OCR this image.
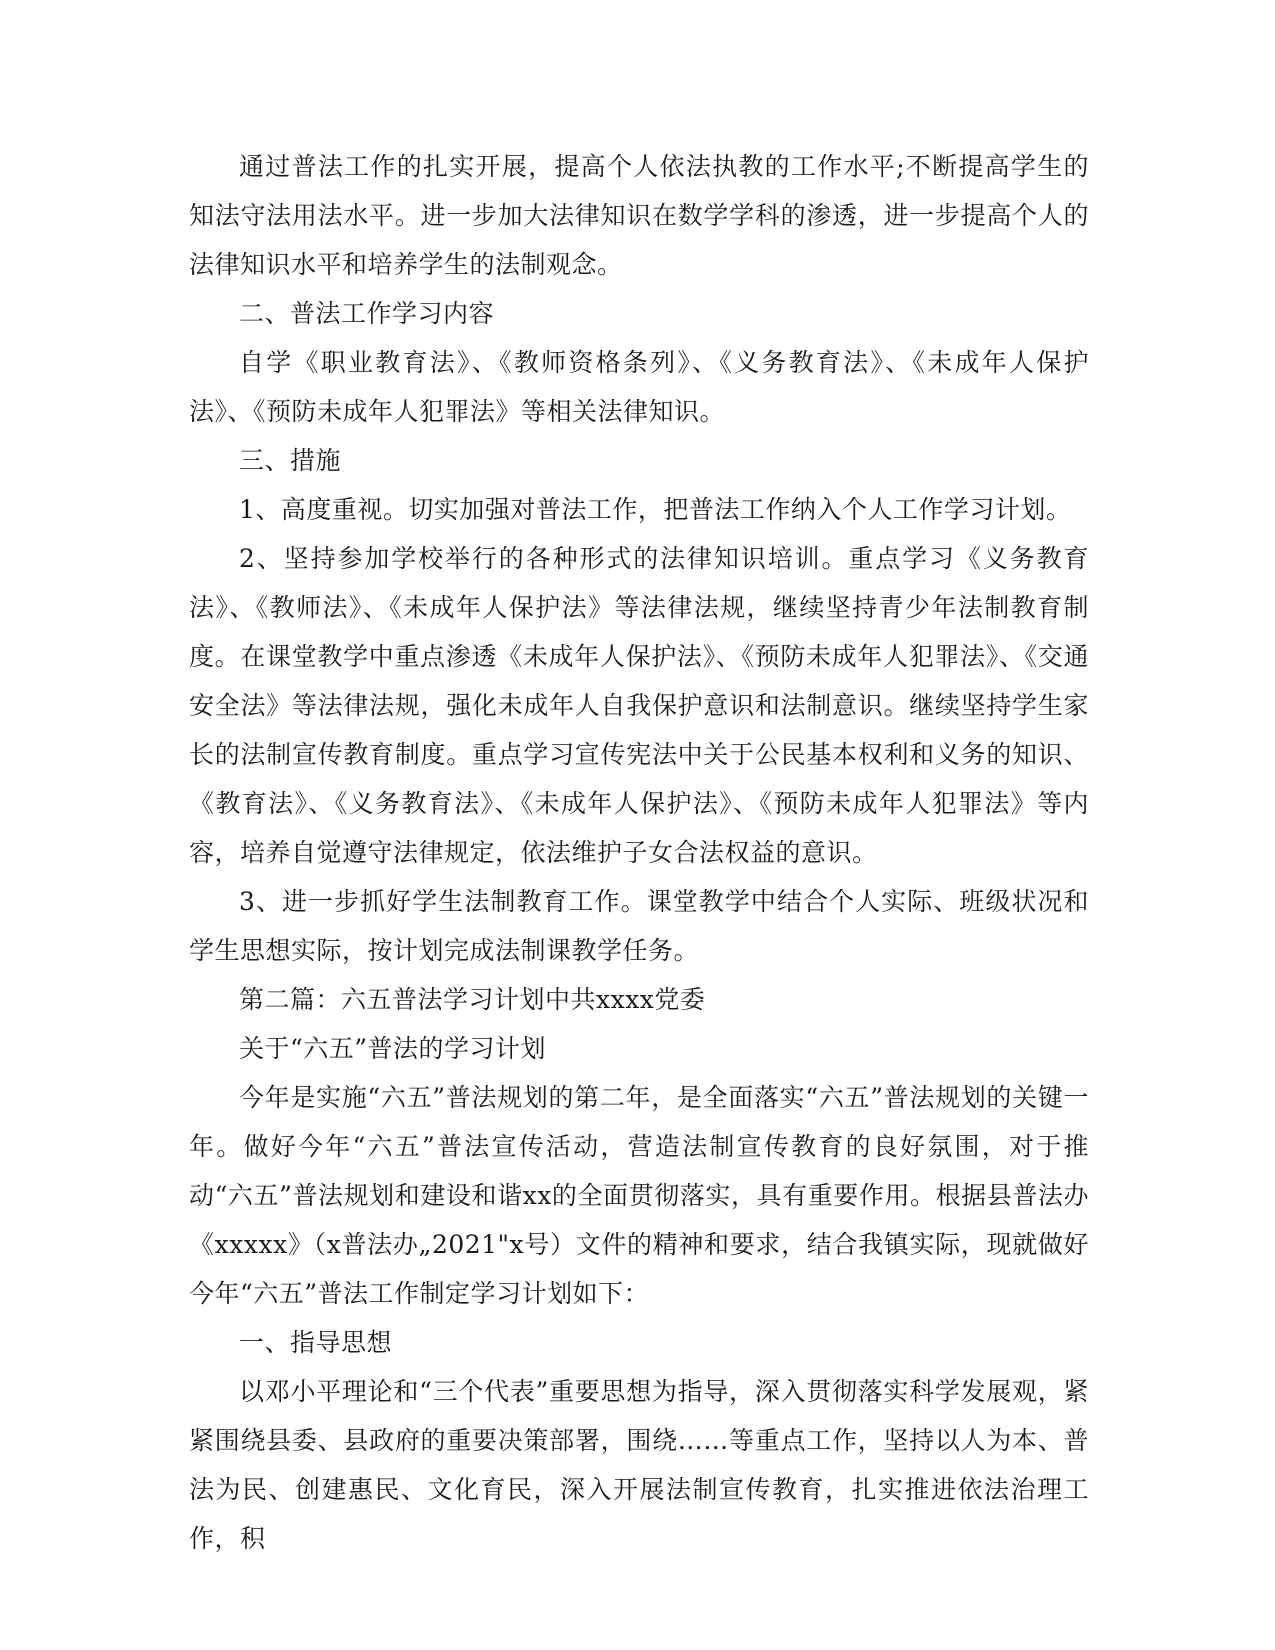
通过普法工作的扎实开展，提高个人依法执教的工作水平;不断提高学生的知法守法用法水平。进一步加大法律知识在数学学科的渗透，进一步提高个人的法律知识水平和培养学生的法制观念。

二、普法工作学习内容

自学《职业教育法》、《教师资格条列》、《义务教育法》、《未成年人保护法》、《预防未成年人犯罪法》等相关法律知识。

三、措施

1、高度重视。切实加强对普法工作，把普法工作纳入个人工作学习计划。

2、坚持参加学校举行的各种形式的法律知识培训。重点学习《义务教育法》、《教师法》、《未成年人保护法》等法律法规，继续坚持青少年法制教育制度。在课堂教学中重点渗透《未成年人保护法》、《预防未成年人犯罪法》、《交通安全法》等法律法规，强化未成年人自我保护意识和法制意识。继续坚持学生家长的法制宣传教育制度。重点学习宣传宪法中关于公民基本权利和义务的知识、《教育法》、《义务教育法》、《未成年人保护法》、《预防未成年人犯罪法》等内容，培养自觉遵守法律规定，依法维护子女合法权益的意识。

3、进一步抓好学生法制教育工作。课堂教学中结合个人实际、班级状况和学生思想实际，按计划完成法制课教学任务。

第二篇：六五普法学习计划中共xxxx党委

关于“六五”普法的学习计划

今年是实施“六五”普法规划的第二年，是全面落实“六五”普法规划的关键一年。做好今年“六五”普法宣传活动，营造法制宣传教育的良好氛围，对于推动“六五”普法规划和建设和谐xx的全面贯彻落实，具有重要作用。根据县普法办《xxxxx》（x普法办„2021"x号）文件的精神和要求，结合我镇实际，现就做好今年“六五”普法工作制定学习计划如下：

一、指导思想

以邓小平理论和“三个代表”重要思想为指导，深入贯彻落实科学发展观，紧紧围绕县委、县政府的重要决策部署，围绕……等重点工作，坚持以人为本、普法为民、创建惠民、文化育民，深入开展法制宣传教育，扎实推进依法治理工作，积
